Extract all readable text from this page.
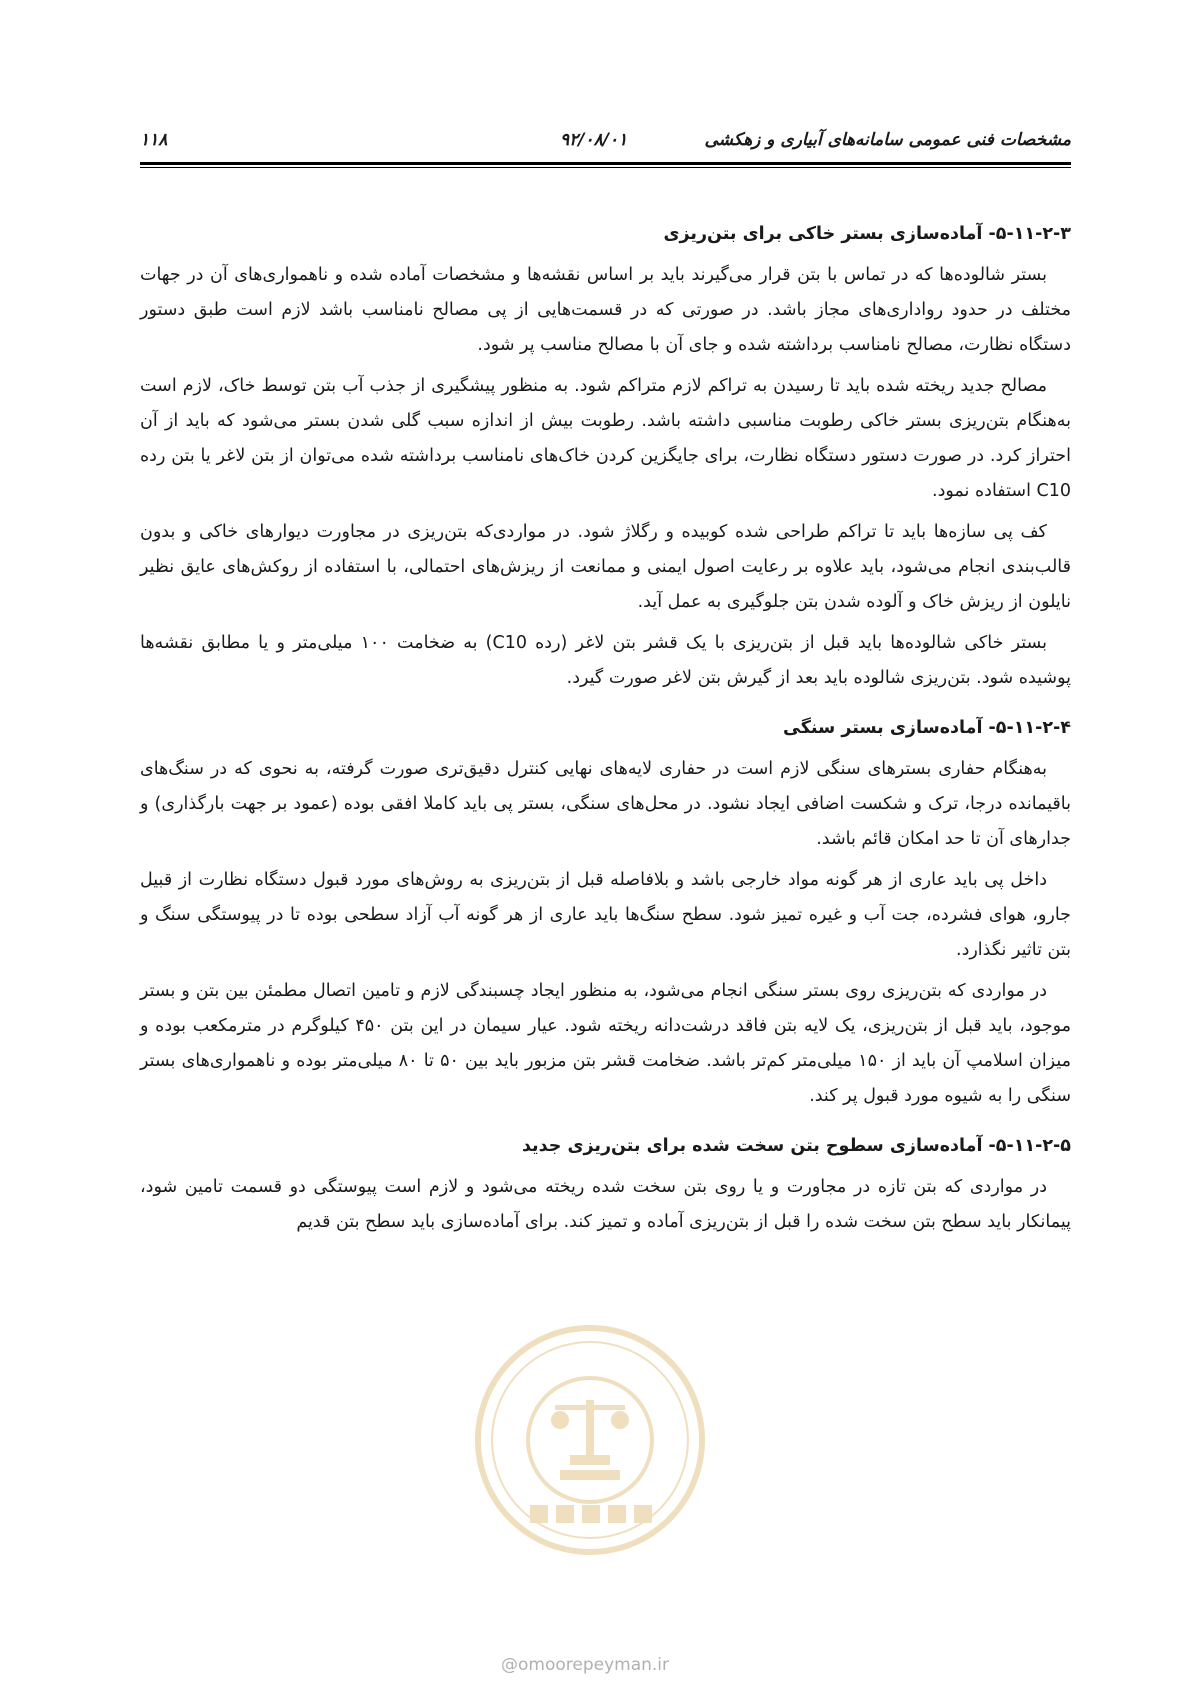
۱۱۸	۹۲/۰۸/۰۱	مشخصات فنی عمومی سامانه‌های آبیاری و زهکشی
۵-۱۱-۲-۳- آماده‌سازی بستر خاکی برای بتن‌ریزی

بستر شالوده‌ها که در تماس با بتن قرار می‌گیرند باید بر اساس نقشه‌ها و مشخصات آماده شده و ناهمواری‌های آن در جهات مختلف در حدود رواداری‌های مجاز باشد. در صورتی که در قسمت‌هایی از پی مصالح نامناسب باشد لازم است طبق دستور دستگاه نظارت، مصالح نامناسب برداشته شده و جای آن با مصالح مناسب پر شود.

مصالح جدید ریخته شده باید تا رسیدن به تراکم لازم متراکم شود. به منظور پیشگیری از جذب آب بتن توسط خاک، لازم است به‌هنگام بتن‌ریزی بستر خاکی رطوبت مناسبی داشته باشد. رطوبت بیش از اندازه سبب گلی شدن بستر می‌شود که باید از آن احتراز کرد. در صورت دستور دستگاه نظارت، برای جایگزین کردن خاک‌های نامناسب برداشته شده می‌توان از بتن لاغر یا بتن رده C10 استفاده نمود.

کف پی سازه‌ها باید تا تراکم طراحی شده کوبیده و رگلاژ شود. در مواردی‌که بتن‌ریزی در مجاورت دیوارهای خاکی و بدون قالب‌بندی انجام می‌شود، باید علاوه بر رعایت اصول ایمنی و ممانعت از ریزش‌های احتمالی، با استفاده از روکش‌های عایق نظیر نایلون از ریزش خاک و آلوده شدن بتن جلوگیری به عمل آید.

بستر خاکی شالوده‌ها باید قبل از بتن‌ریزی با یک قشر بتن لاغر (رده C10) به ضخامت ۱۰۰ میلی‌متر و یا مطابق نقشه‌ها پوشیده شود. بتن‌ریزی شالوده باید بعد از گیرش بتن لاغر صورت گیرد.

۵-۱۱-۲-۴- آماده‌سازی بستر سنگی

به‌هنگام حفاری بسترهای سنگی لازم است در حفاری لایه‌های نهایی کنترل دقیق‌تری صورت گرفته، به نحوی که در سنگ‌های باقیمانده درجا، ترک و شکست اضافی ایجاد نشود. در محل‌های سنگی، بستر پی باید کاملا افقی بوده (عمود بر جهت بارگذاری) و جدارهای آن تا حد امکان قائم باشد.

داخل پی باید عاری از هر گونه مواد خارجی باشد و بلافاصله قبل از بتن‌ریزی به روش‌های مورد قبول دستگاه نظارت از قبیل جارو، هوای فشرده، جت آب و غیره تمیز شود. سطح سنگ‌ها باید عاری از هر گونه آب آزاد سطحی بوده تا در پیوستگی سنگ و بتن تاثیر نگذارد.

در مواردی که بتن‌ریزی روی بستر سنگی انجام می‌شود، به منظور ایجاد چسبندگی لازم و تامین اتصال مطمئن بین بتن و بستر موجود، باید قبل از بتن‌ریزی، یک لایه بتن فاقد درشت‌دانه ریخته شود. عیار سیمان در این بتن ۴۵۰ کیلوگرم در مترمکعب بوده و میزان اسلامپ آن باید از ۱۵۰ میلی‌متر کم‌تر باشد. ضخامت قشر بتن مزبور باید بین ۵۰ تا ۸۰ میلی‌متر بوده و ناهمواری‌های بستر سنگی را به شیوه مورد قبول پر کند.

۵-۱۱-۲-۵- آماده‌سازی سطوح بتن سخت شده برای بتن‌ریزی جدید

در مواردی که بتن تازه در مجاورت و یا روی بتن سخت شده ریخته می‌شود و لازم است پیوستگی دو قسمت تامین شود، پیمانکار باید سطح بتن سخت شده را قبل از بتن‌ریزی آماده و تمیز کند. برای آماده‌سازی باید سطح بتن قدیم

@omoorepeyman.ir
